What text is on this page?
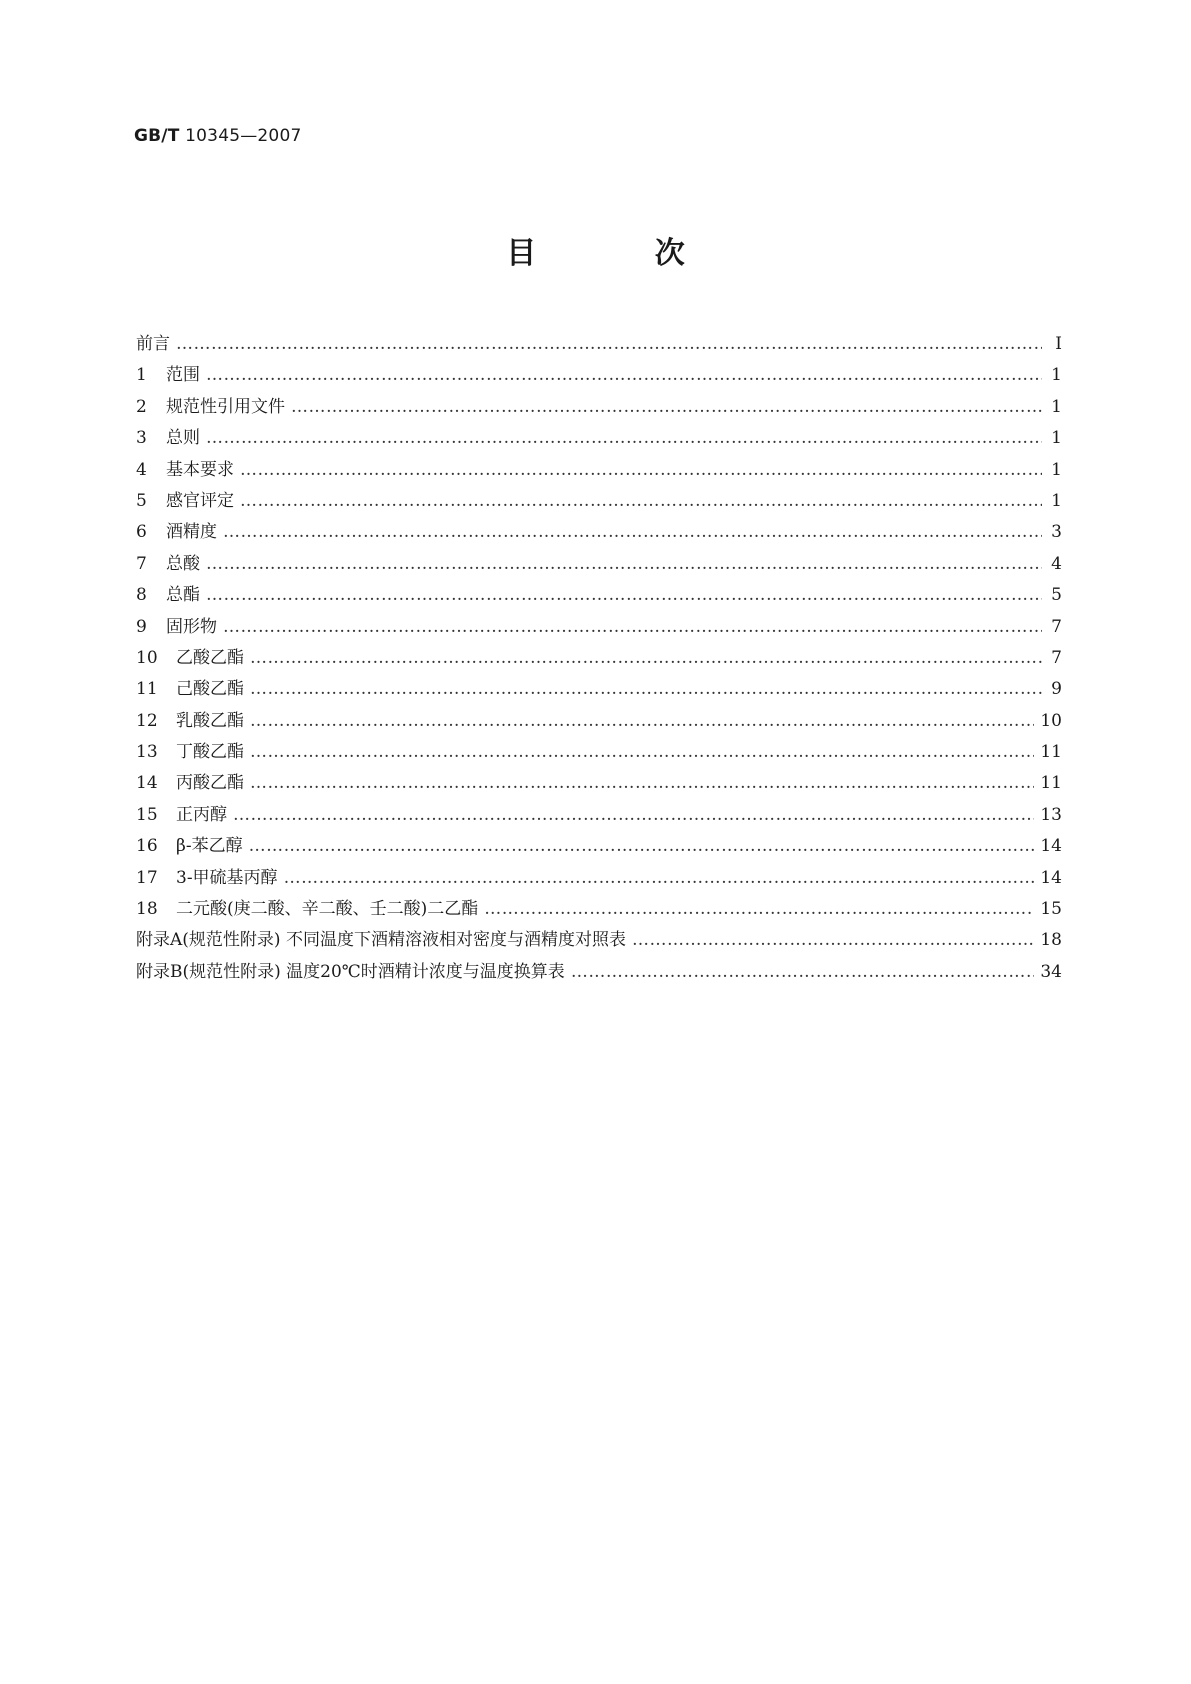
GB/T 10345—2007
目 次
前言 …………………………………………………………………………………………………………………………………………………………………………………………………	Ⅰ
1	范围 …………………………………………………………………………………………………………………………………………………………………………………………………	1
2	规范性引用文件 …………………………………………………………………………………………………………………………………………………………………………………………………	1
3	总则 …………………………………………………………………………………………………………………………………………………………………………………………………	1
4	基本要求 …………………………………………………………………………………………………………………………………………………………………………………………………	1
5	感官评定 …………………………………………………………………………………………………………………………………………………………………………………………………	1
6	酒精度 …………………………………………………………………………………………………………………………………………………………………………………………………	3
7	总酸 …………………………………………………………………………………………………………………………………………………………………………………………………	4
8	总酯 …………………………………………………………………………………………………………………………………………………………………………………………………	5
9	固形物 …………………………………………………………………………………………………………………………………………………………………………………………………	7
10	乙酸乙酯 …………………………………………………………………………………………………………………………………………………………………………………………………	7
11	己酸乙酯 …………………………………………………………………………………………………………………………………………………………………………………………………	9
12	乳酸乙酯 …………………………………………………………………………………………………………………………………………………………………………………………………	10
13	丁酸乙酯 …………………………………………………………………………………………………………………………………………………………………………………………………	11
14	丙酸乙酯 …………………………………………………………………………………………………………………………………………………………………………………………………	11
15	正丙醇 …………………………………………………………………………………………………………………………………………………………………………………………………	13
16	β-苯乙醇 …………………………………………………………………………………………………………………………………………………………………………………………………	14
17	3-甲硫基丙醇 …………………………………………………………………………………………………………………………………………………………………………………………………	14
18	二元酸(庚二酸、辛二酸、壬二酸)二乙酯 …………………………………………………………………………………………………………………………………………………………………………………………………	15
附录A(规范性附录) 不同温度下酒精溶液相对密度与酒精度对照表 …………………………………………………………………………………………………………………………………………………………………………………………………	18
附录B(规范性附录) 温度20℃时酒精计浓度与温度换算表 …………………………………………………………………………………………………………………………………………………………………………………………………	34
